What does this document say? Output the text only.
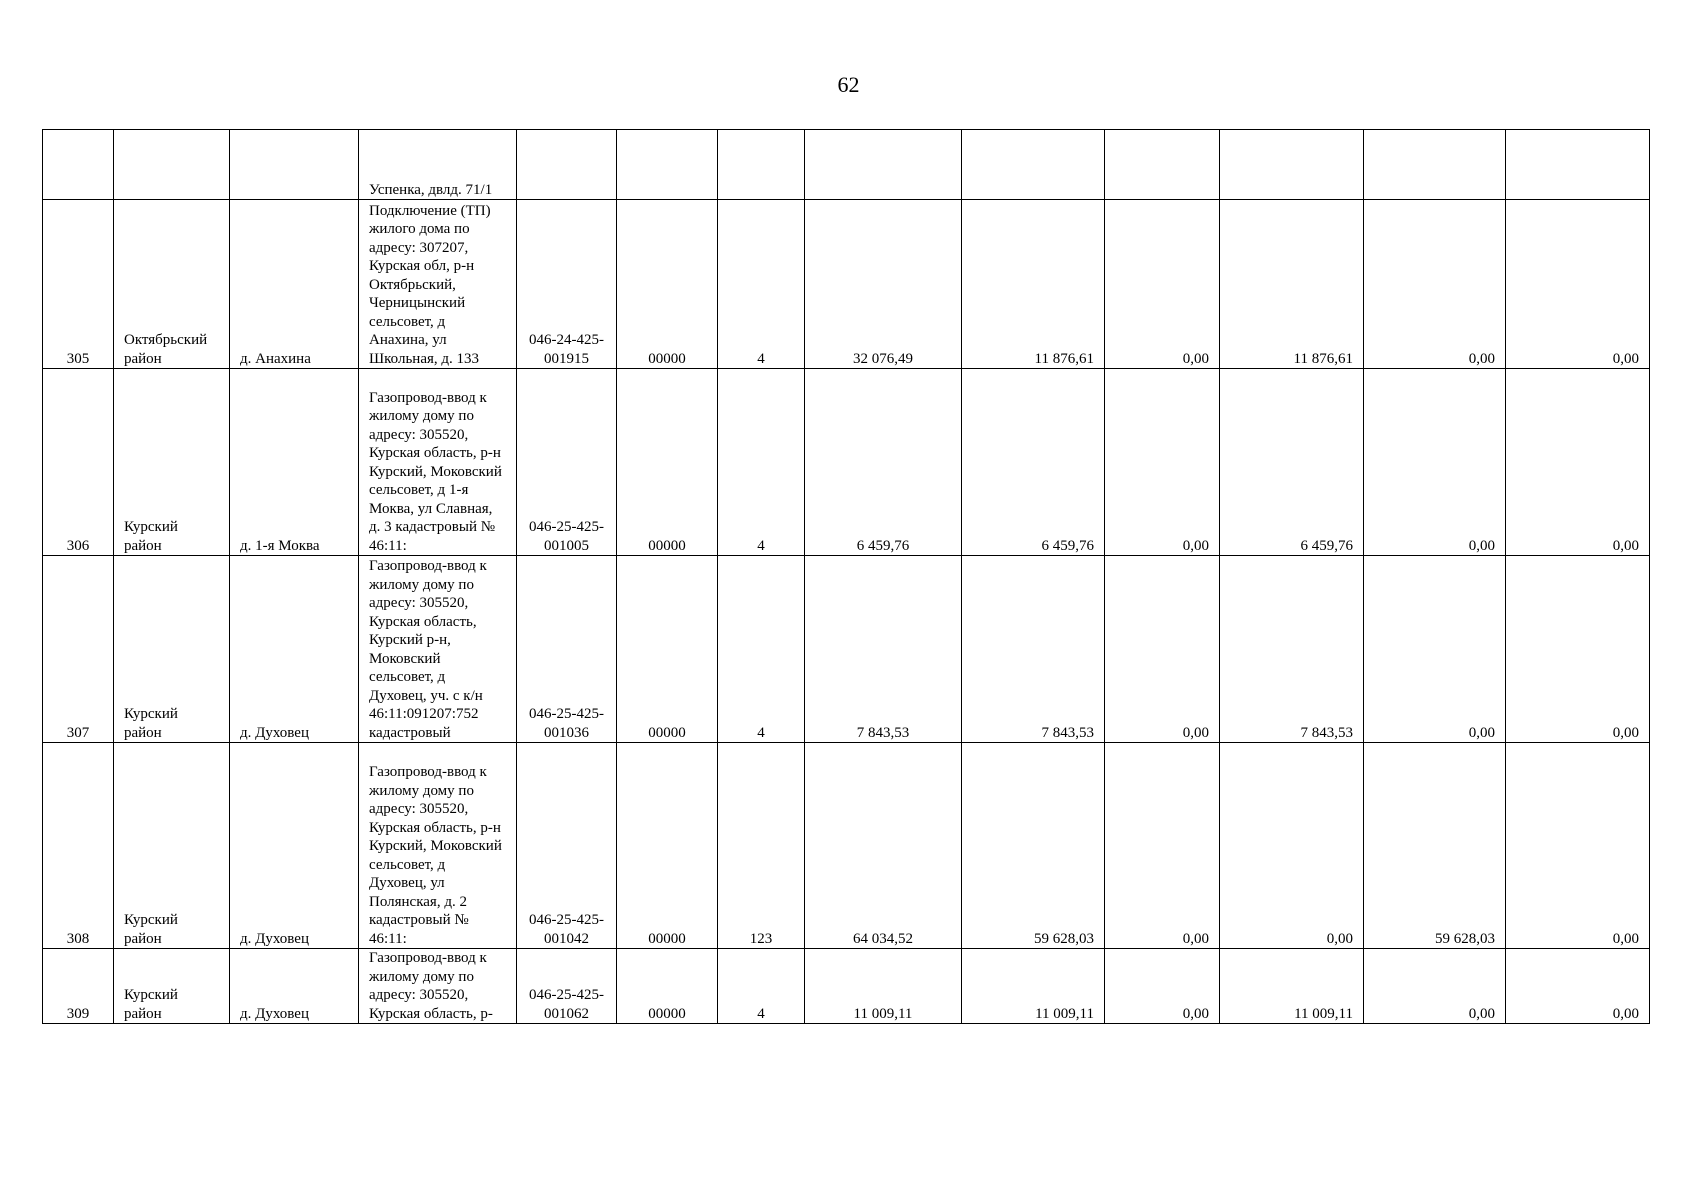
62
			Успенка, двлд. 71/1									
305	Октябрьский район	д. Анахина	Подключение (ТП) жилого дома по адресу: 307207, Курская обл, р-н Октябрьский, Черницынский сельсовет, д Анахина, ул Школьная, д. 133	046-24-425-001915	00000	4	32 076,49	11 876,61	0,00	11 876,61	0,00	0,00
306	Курский район	д. 1-я Моква	Газопровод-ввод к жилому дому по адресу: 305520, Курская область, р-н Курский, Моковский сельсовет, д 1-я Моква, ул Славная, д. 3 кадастровый № 46:11:	046-25-425-001005	00000	4	6 459,76	6 459,76	0,00	6 459,76	0,00	0,00
307	Курский район	д. Духовец	Газопровод-ввод к жилому дому по адресу: 305520, Курская область, Курский р-н, Моковский сельсовет, д Духовец, уч. с к/н 46:11:091207:752 кадастровый	046-25-425-001036	00000	4	7 843,53	7 843,53	0,00	7 843,53	0,00	0,00
308	Курский район	д. Духовец	Газопровод-ввод к жилому дому по адресу: 305520, Курская область, р-н Курский, Моковский сельсовет, д Духовец, ул Полянская, д. 2 кадастровый № 46:11:	046-25-425-001042	00000	123	64 034,52	59 628,03	0,00	0,00	59 628,03	0,00
309	Курский район	д. Духовец	Газопровод-ввод к жилому дому по адресу: 305520, Курская область, р-	046-25-425-001062	00000	4	11 009,11	11 009,11	0,00	11 009,11	0,00	0,00
